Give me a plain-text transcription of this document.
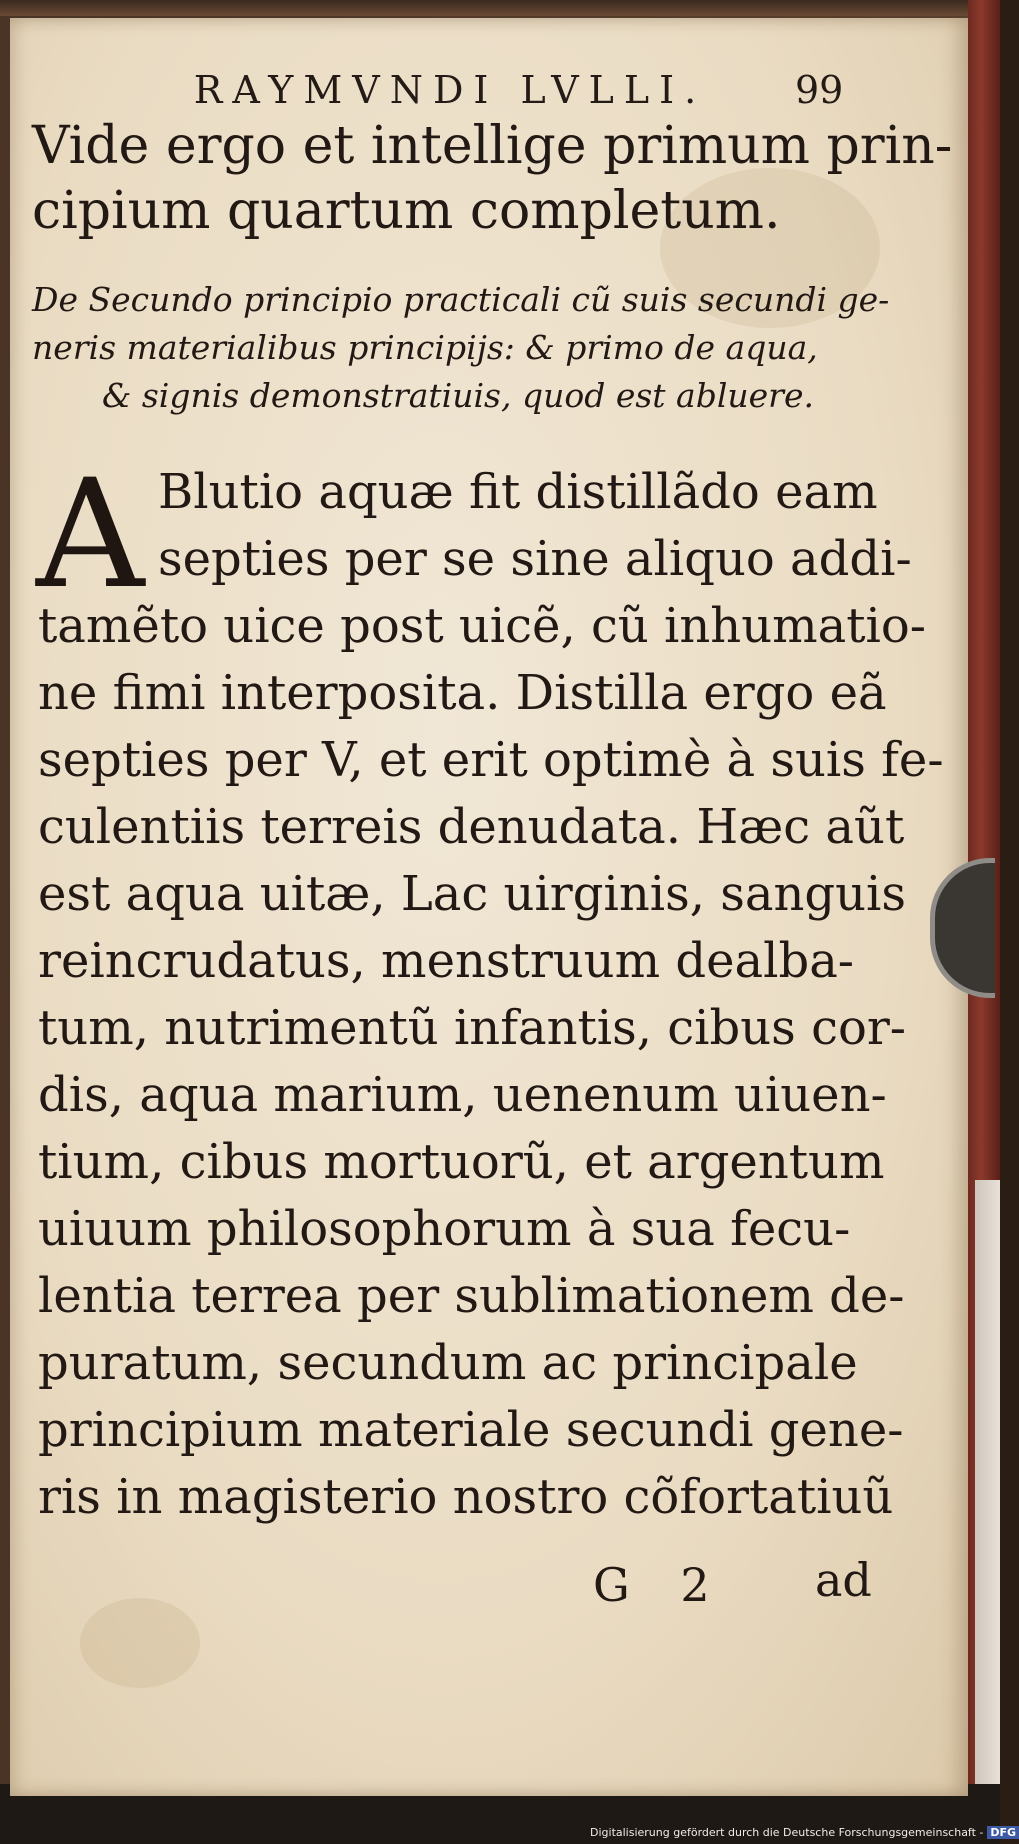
RAYMVNDI LVLLI.	99
Vide ergo et intellige primum prin-
cipium quartum completum.
De Secundo principio practicali cũ suis secundi ge-
neris materialibus principijs: & primo de aqua,
& signis demonstratiuis, quod est abluere.
A Blutio aquæ fit distillãdo eam
septies per se sine aliquo addi-
tamẽto uice post uicẽ, cũ inhumatio-
ne fimi interposita. Distilla ergo eã
septies per V, et erit optimè à suis fe-
culentiis terreis denudata. Hæc aũt
est aqua uitæ, Lac uirginis, sanguis
reincrudatus, menstruum dealba-
tum, nutrimentũ infantis, cibus cor-
dis, aqua marium, uenenum uiuen-
tium, cibus mortuorũ, et argentum
uiuum philosophorum à sua fecu-
lentia terrea per sublimationem de-
puratum, secundum ac principale
principium materiale secundi gene-
ris in magisterio nostro cõfortatiuũ
G 2 ad
Digitalisierung gefördert durch die Deutsche Forschungsgemeinschaft - DFG
